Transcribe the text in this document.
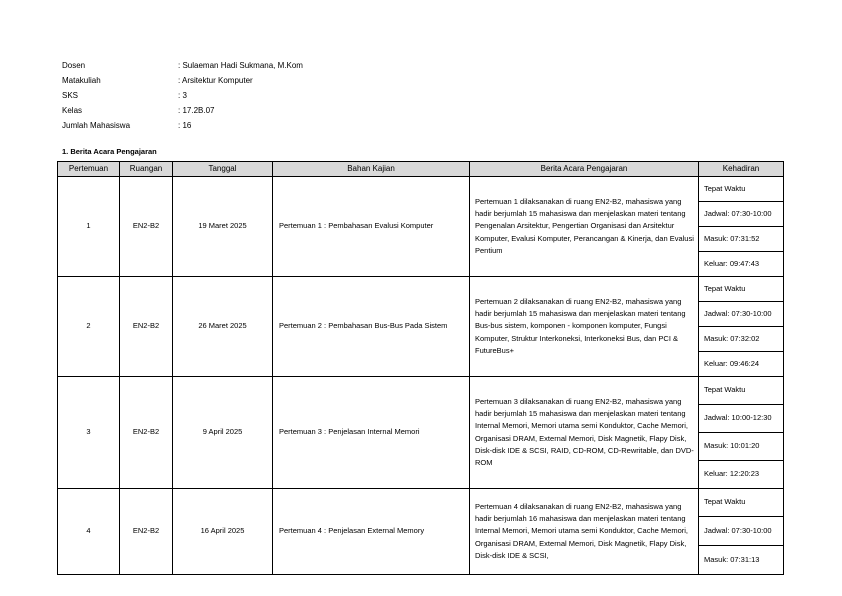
Dosen	: Sulaeman Hadi Sukmana, M.Kom
Matakuliah	: Arsitektur Komputer
SKS	: 3
Kelas	: 17.2B.07
Jumlah Mahasiswa	: 16
1. Berita Acara Pengajaran
Pertemuan	Ruangan	Tanggal	Bahan Kajian	Berita Acara Pengajaran	Kehadiran
1	EN2-B2	19 Maret 2025	Pertemuan 1 : Pembahasan Evalusi Komputer	Pertemuan 1 dilaksanakan di ruang EN2-B2, mahasiswa yang hadir berjumlah 15 mahasiswa dan menjelaskan materi tentang Pengenalan Arsitektur, Pengertian Organisasi dan Arsitektur Komputer, Evalusi Komputer, Perancangan & Kinerja, dan Evalusi Pentium	Tepat Waktu
					Jadwal: 07:30-10:00
					Masuk: 07:31:52
					Keluar: 09:47:43
2	EN2-B2	26 Maret 2025	Pertemuan 2 : Pembahasan Bus-Bus Pada Sistem	Pertemuan 2 dilaksanakan di ruang EN2-B2, mahasiswa yang hadir berjumlah 15 mahasiswa dan menjelaskan materi tentang Bus-bus sistem, komponen - komponen komputer, Fungsi Komputer, Struktur Interkoneksi, Interkoneksi Bus, dan PCI & FutureBus+	Tepat Waktu
					Jadwal: 07:30-10:00
					Masuk: 07:32:02
					Keluar: 09:46:24
3	EN2-B2	9 April 2025	Pertemuan 3 : Penjelasan Internal Memori	Pertemuan 3 dilaksanakan di ruang EN2-B2, mahasiswa yang hadir berjumlah 15 mahasiswa dan menjelaskan materi tentang Internal Memori, Memori utama semi Konduktor, Cache Memori, Organisasi DRAM, External Memori, Disk Magnetik, Flapy Disk, Disk-disk IDE & SCSI, RAID, CD-ROM, CD-Rewritable, dan DVD-ROM	Tepat Waktu
					Jadwal: 10:00-12:30
					Masuk: 10:01:20
					Keluar: 12:20:23
4	EN2-B2	16 April 2025	Pertemuan 4 : Penjelasan External Memory	Pertemuan 4 dilaksanakan di ruang EN2-B2, mahasiswa yang hadir berjumlah 16 mahasiswa dan menjelaskan materi tentang Internal Memori, Memori utama semi Konduktor, Cache Memori, Organisasi DRAM, External Memori, Disk Magnetik, Flapy Disk, Disk-disk IDE & SCSI,	Tepat Waktu
					Jadwal: 07:30-10:00
					Masuk: 07:31:13
